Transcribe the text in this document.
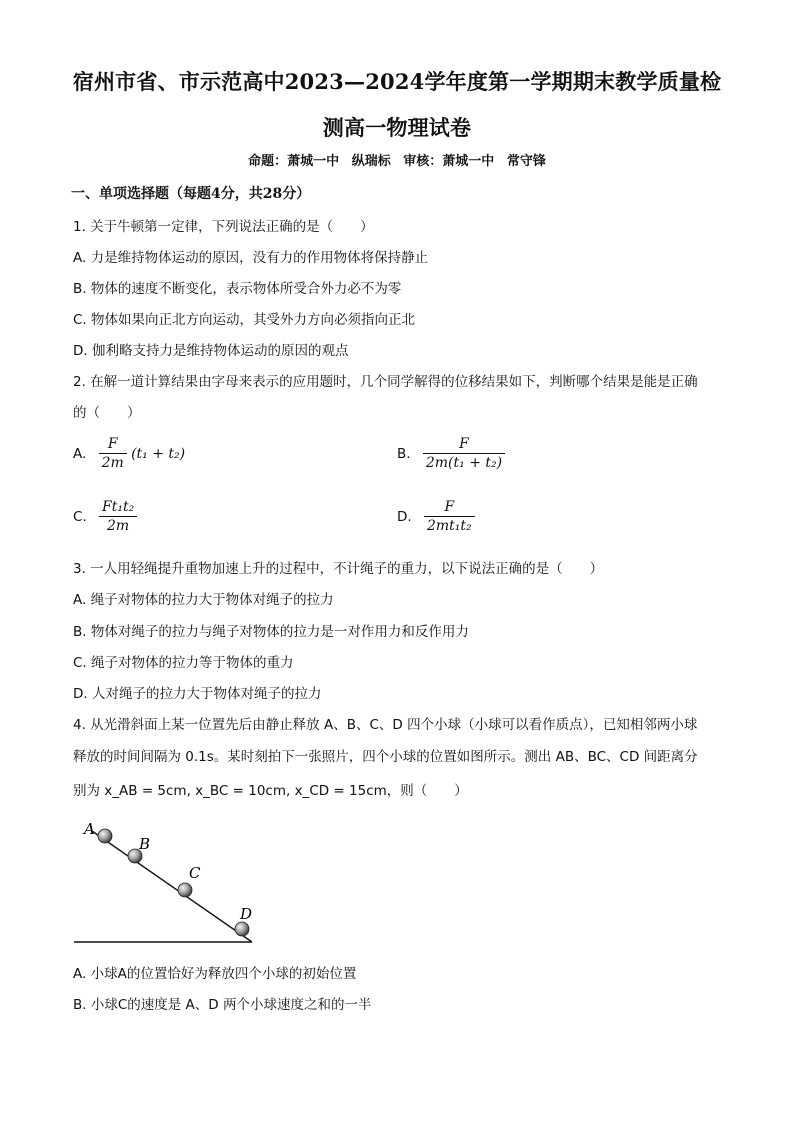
宿州市省、市示范高中2023—2024学年度第一学期期末教学质量检
测高一物理试卷
命题：萧城一中 纵瑞标 审核：萧城一中 常守锋
一、单项选择题（每题4分，共28分）
1. 关于牛顿第一定律，下列说法正确的是（　　）
A. 力是维持物体运动的原因，没有力的作用物体将保持静止
B. 物体的速度不断变化，表示物体所受合外力必不为零
C. 物体如果向正北方向运动，其受外力方向必须指向正北
D. 伽利略支持力是维持物体运动的原因的观点
2. 在解一道计算结果由字母来表示的应用题时，几个同学解得的位移结果如下，判断哪个结果是能是正确
的（　　）
A. $\frac{F}{2m} (t_1 + t_2)$	B. $\frac{F}{\text{2m(t₁ + t₂)}}$
C. $\frac{\text{Ft₁t₂}}{2m}$	D. $\frac{F}{\text{2mt₁t₂}}$
3. 一人用轻绳提升重物加速上升的过程中，不计绳子的重力，以下说法正确的是（　　）
A. 绳子对物体的拉力大于物体对绳子的拉力
B. 物体对绳子的拉力与绳子对物体的拉力是一对作用力和反作用力
C. 绳子对物体的拉力等于物体的重力
D. 人对绳子的拉力大于物体对绳子的拉力
4. 从光滑斜面上某一位置先后由静止释放 A、B、C、D 四个小球（小球可以看作质点），已知相邻两小球
释放的时间间隔为 0.1s。某时刻拍下一张照片，四个小球的位置如图所示。测出 AB、BC、CD 间距离分
别为 x_AB = 5cm, x_BC = 10cm, x_CD = 15cm，则（　　）
A
B
C
D
A. 小球A的位置恰好为释放四个小球的初始位置
B. 小球C的速度是 A、D 两个小球速度之和的一半
